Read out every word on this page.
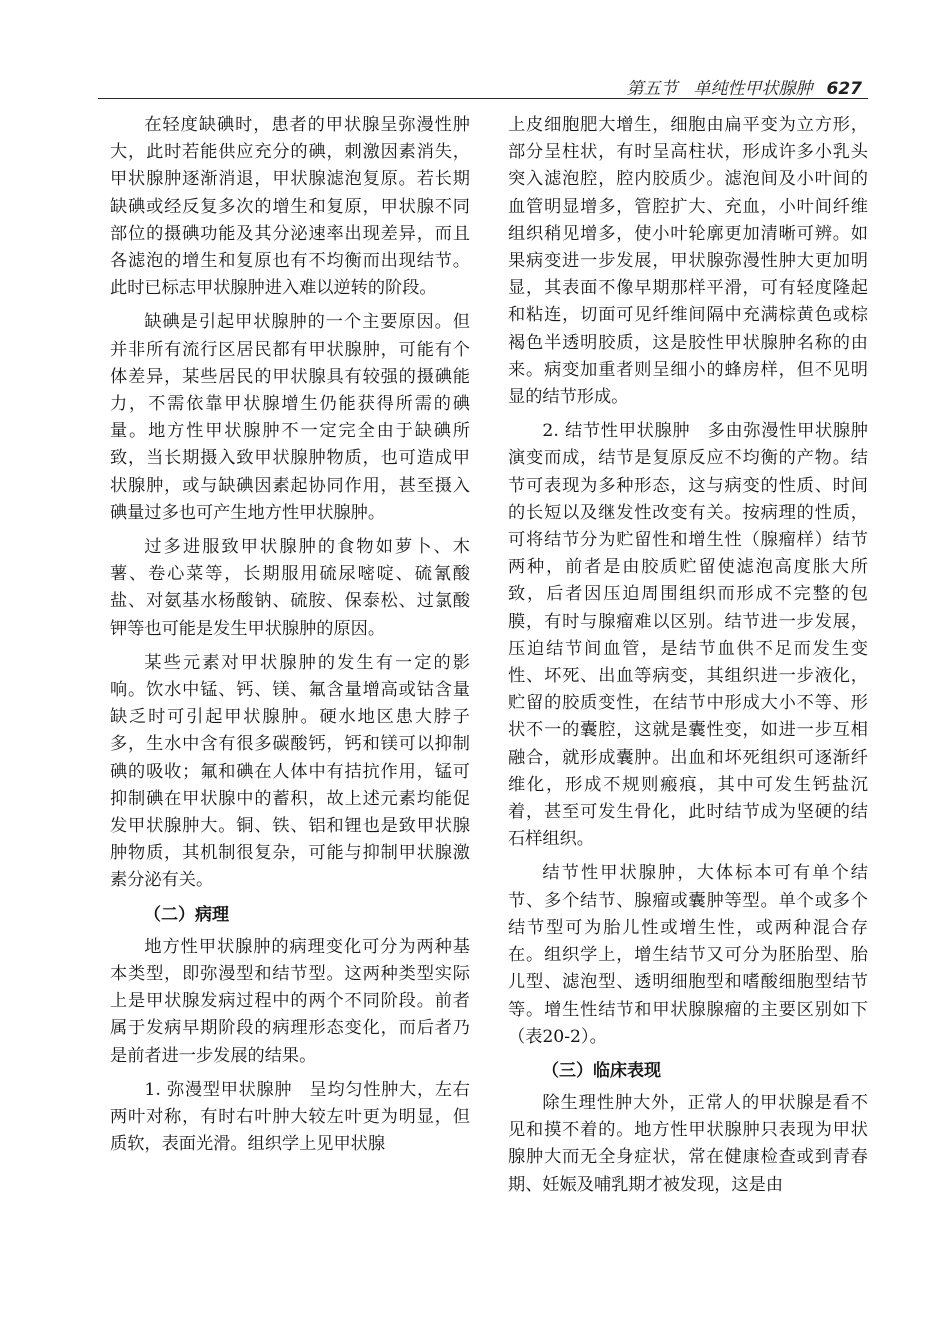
第五节 单纯性甲状腺肿 627

在轻度缺碘时，患者的甲状腺呈弥漫性肿大，此时若能供应充分的碘，刺激因素消失，甲状腺肿逐渐消退，甲状腺滤泡复原。若长期缺碘或经反复多次的增生和复原，甲状腺不同部位的摄碘功能及其分泌速率出现差异，而且各滤泡的增生和复原也有不均衡而出现结节。此时已标志甲状腺肿进入难以逆转的阶段。

缺碘是引起甲状腺肿的一个主要原因。但并非所有流行区居民都有甲状腺肿，可能有个体差异，某些居民的甲状腺具有较强的摄碘能力，不需依靠甲状腺增生仍能获得所需的碘量。地方性甲状腺肿不一定完全由于缺碘所致，当长期摄入致甲状腺肿物质，也可造成甲状腺肿，或与缺碘因素起协同作用，甚至摄入碘量过多也可产生地方性甲状腺肿。

过多进服致甲状腺肿的食物如萝卜、木薯、卷心菜等，长期服用硫尿嘧啶、硫氰酸盐、对氨基水杨酸钠、硫胺、保泰松、过氯酸钾等也可能是发生甲状腺肿的原因。

某些元素对甲状腺肿的发生有一定的影响。饮水中锰、钙、镁、氟含量增高或钴含量缺乏时可引起甲状腺肿。硬水地区患大脖子多，生水中含有很多碳酸钙，钙和镁可以抑制碘的吸收；氟和碘在人体中有拮抗作用，锰可抑制碘在甲状腺中的蓄积，故上述元素均能促发甲状腺肿大。铜、铁、铝和锂也是致甲状腺肿物质，其机制很复杂，可能与抑制甲状腺激素分泌有关。

（二）病理

地方性甲状腺肿的病理变化可分为两种基本类型，即弥漫型和结节型。这两种类型实际上是甲状腺发病过程中的两个不同阶段。前者属于发病早期阶段的病理形态变化，而后者乃是前者进一步发展的结果。

1. 弥漫型甲状腺肿 呈均匀性肿大，左右两叶对称，有时右叶肿大较左叶更为明显，但质软，表面光滑。组织学上见甲状腺

上皮细胞肥大增生，细胞由扁平变为立方形，部分呈柱状，有时呈高柱状，形成许多小乳头突入滤泡腔，腔内胶质少。滤泡间及小叶间的血管明显增多，管腔扩大、充血，小叶间纤维组织稍见增多，使小叶轮廓更加清晰可辨。如果病变进一步发展，甲状腺弥漫性肿大更加明显，其表面不像早期那样平滑，可有轻度隆起和粘连，切面可见纤维间隔中充满棕黄色或棕褐色半透明胶质，这是胶性甲状腺肿名称的由来。病变加重者则呈细小的蜂房样，但不见明显的结节形成。

2. 结节性甲状腺肿 多由弥漫性甲状腺肿演变而成，结节是复原反应不均衡的产物。结节可表现为多种形态，这与病变的性质、时间的长短以及继发性改变有关。按病理的性质，可将结节分为贮留性和增生性（腺瘤样）结节两种，前者是由胶质贮留使滤泡高度胀大所致，后者因压迫周围组织而形成不完整的包膜，有时与腺瘤难以区别。结节进一步发展，压迫结节间血管，是结节血供不足而发生变性、坏死、出血等病变，其组织进一步液化，贮留的胶质变性，在结节中形成大小不等、形状不一的囊腔，这就是囊性变，如进一步互相融合，就形成囊肿。出血和坏死组织可逐渐纤维化，形成不规则瘢痕，其中可发生钙盐沉着，甚至可发生骨化，此时结节成为坚硬的结石样组织。

结节性甲状腺肿，大体标本可有单个结节、多个结节、腺瘤或囊肿等型。单个或多个结节型可为胎儿性或增生性，或两种混合存在。组织学上，增生结节又可分为胚胎型、胎儿型、滤泡型、透明细胞型和嗜酸细胞型结节等。增生性结节和甲状腺腺瘤的主要区别如下（表20-2）。

（三）临床表现

除生理性肿大外，正常人的甲状腺是看不见和摸不着的。地方性甲状腺肿只表现为甲状腺肿大而无全身症状，常在健康检查或到青春期、妊娠及哺乳期才被发现，这是由
